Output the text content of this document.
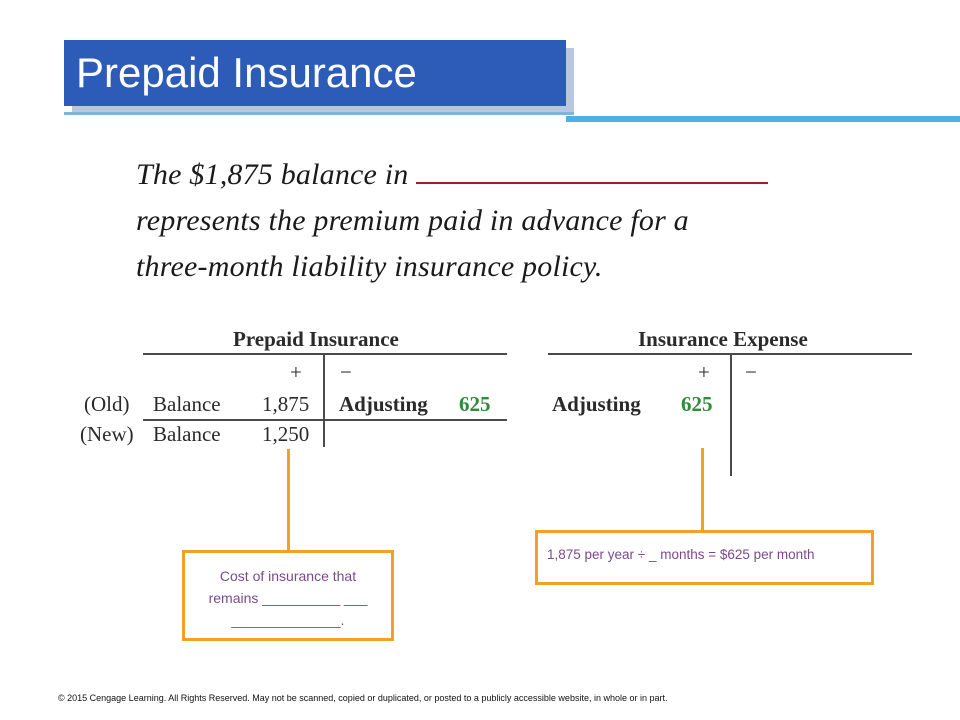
Prepaid Insurance
The $1,875 balance in
represents the premium paid in advance for a
three-month liability insurance policy.
Prepaid Insurance
+ −
(Old) Balance 1,875 Adjusting 625
(New) Balance 1,250
Insurance Expense
+ −
Adjusting 625
Cost of insurance that
remains __________ ___
______________.
1,875 per year ÷ _ months = $625 per month
© 2015 Cengage Learning. All Rights Reserved. May not be scanned, copied or duplicated, or posted to a publicly accessible website, in whole or in part.
